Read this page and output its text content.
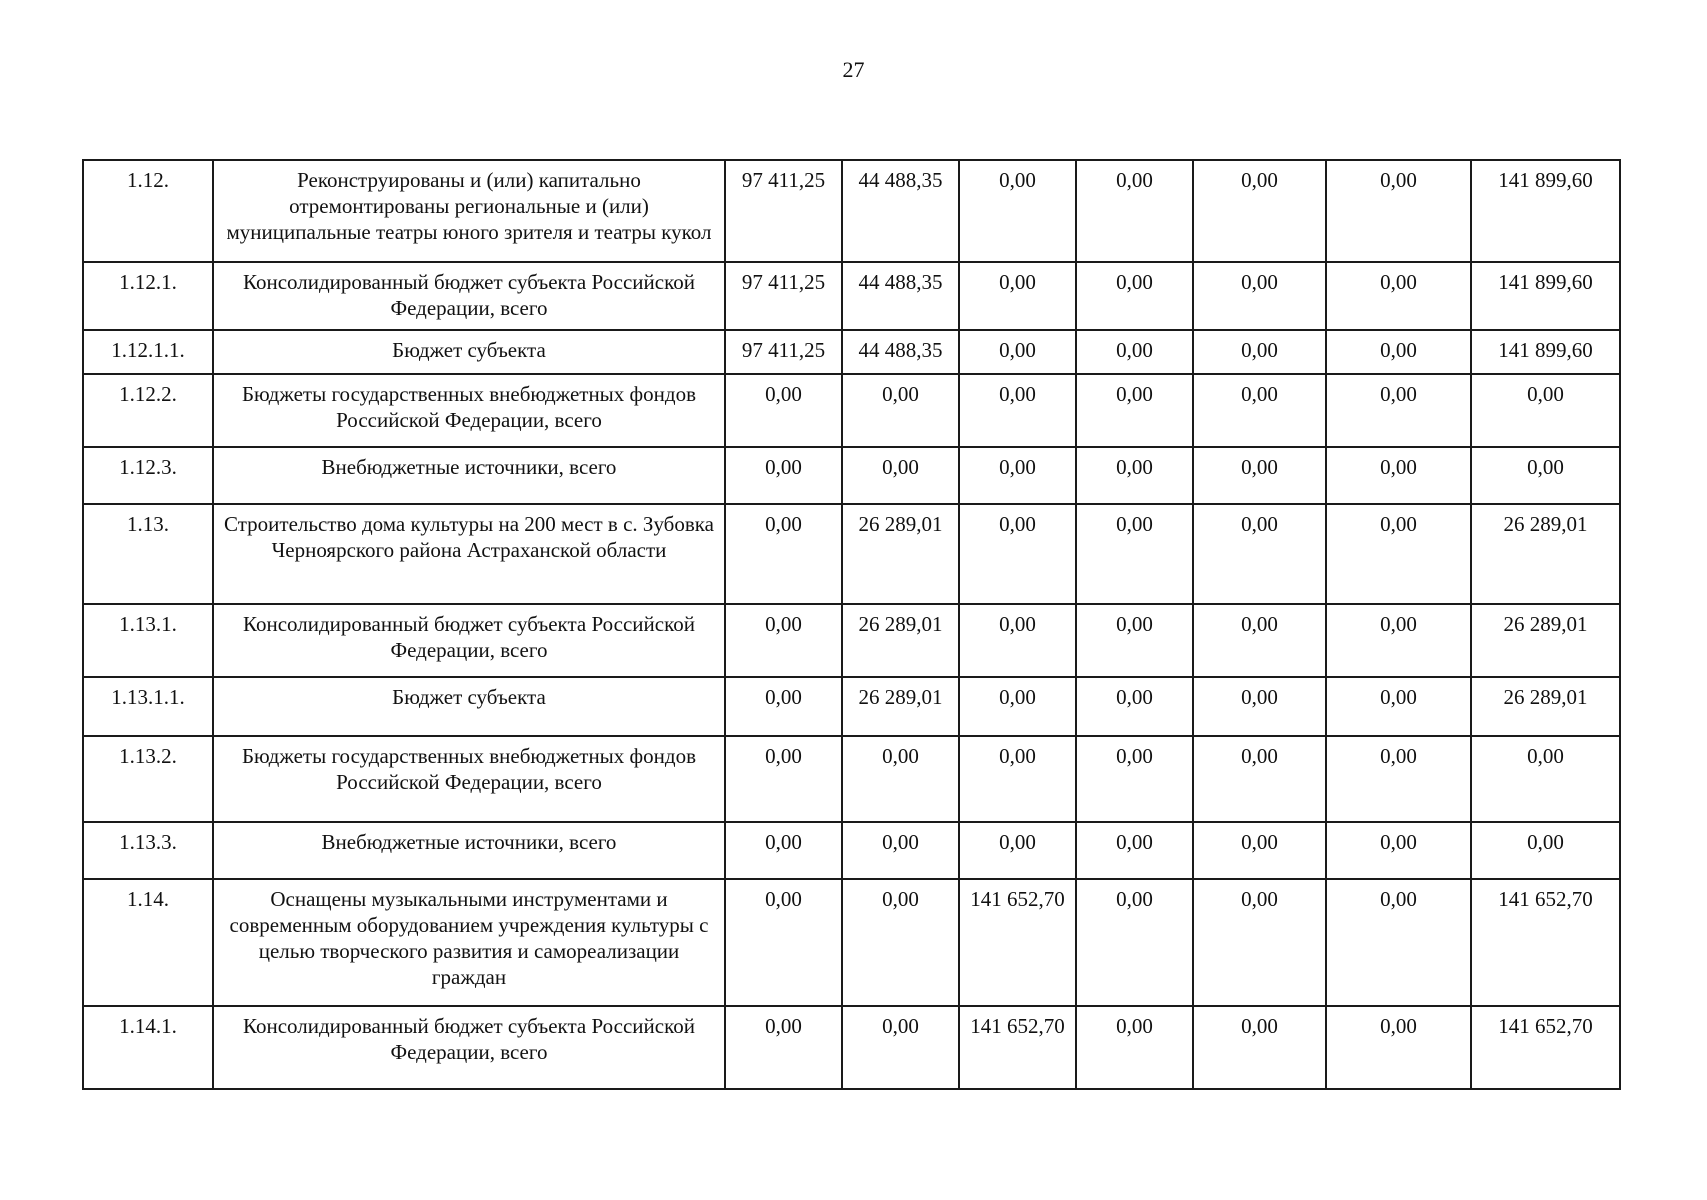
27
1.12.	Реконструированы и (или) капитально отремонтированы региональные и (или) муниципальные театры юного зрителя и театры кукол	97 411,25	44 488,35	0,00	0,00	0,00	0,00	141 899,60
1.12.1.	Консолидированный бюджет субъекта Российской Федерации, всего	97 411,25	44 488,35	0,00	0,00	0,00	0,00	141 899,60
1.12.1.1.	Бюджет субъекта	97 411,25	44 488,35	0,00	0,00	0,00	0,00	141 899,60
1.12.2.	Бюджеты государственных внебюджетных фондов Российской Федерации, всего	0,00	0,00	0,00	0,00	0,00	0,00	0,00
1.12.3.	Внебюджетные источники, всего	0,00	0,00	0,00	0,00	0,00	0,00	0,00
1.13.	Строительство дома культуры на 200 мест в с. Зубовка Черноярского района Астраханской области	0,00	26 289,01	0,00	0,00	0,00	0,00	26 289,01
1.13.1.	Консолидированный бюджет субъекта Российской Федерации, всего	0,00	26 289,01	0,00	0,00	0,00	0,00	26 289,01
1.13.1.1.	Бюджет субъекта	0,00	26 289,01	0,00	0,00	0,00	0,00	26 289,01
1.13.2.	Бюджеты государственных внебюджетных фондов Российской Федерации, всего	0,00	0,00	0,00	0,00	0,00	0,00	0,00
1.13.3.	Внебюджетные источники, всего	0,00	0,00	0,00	0,00	0,00	0,00	0,00
1.14.	Оснащены музыкальными инструментами и современным оборудованием учреждения культуры с целью творческого развития и самореализации граждан	0,00	0,00	141 652,70	0,00	0,00	0,00	141 652,70
1.14.1.	Консолидированный бюджет субъекта Российской Федерации, всего	0,00	0,00	141 652,70	0,00	0,00	0,00	141 652,70
